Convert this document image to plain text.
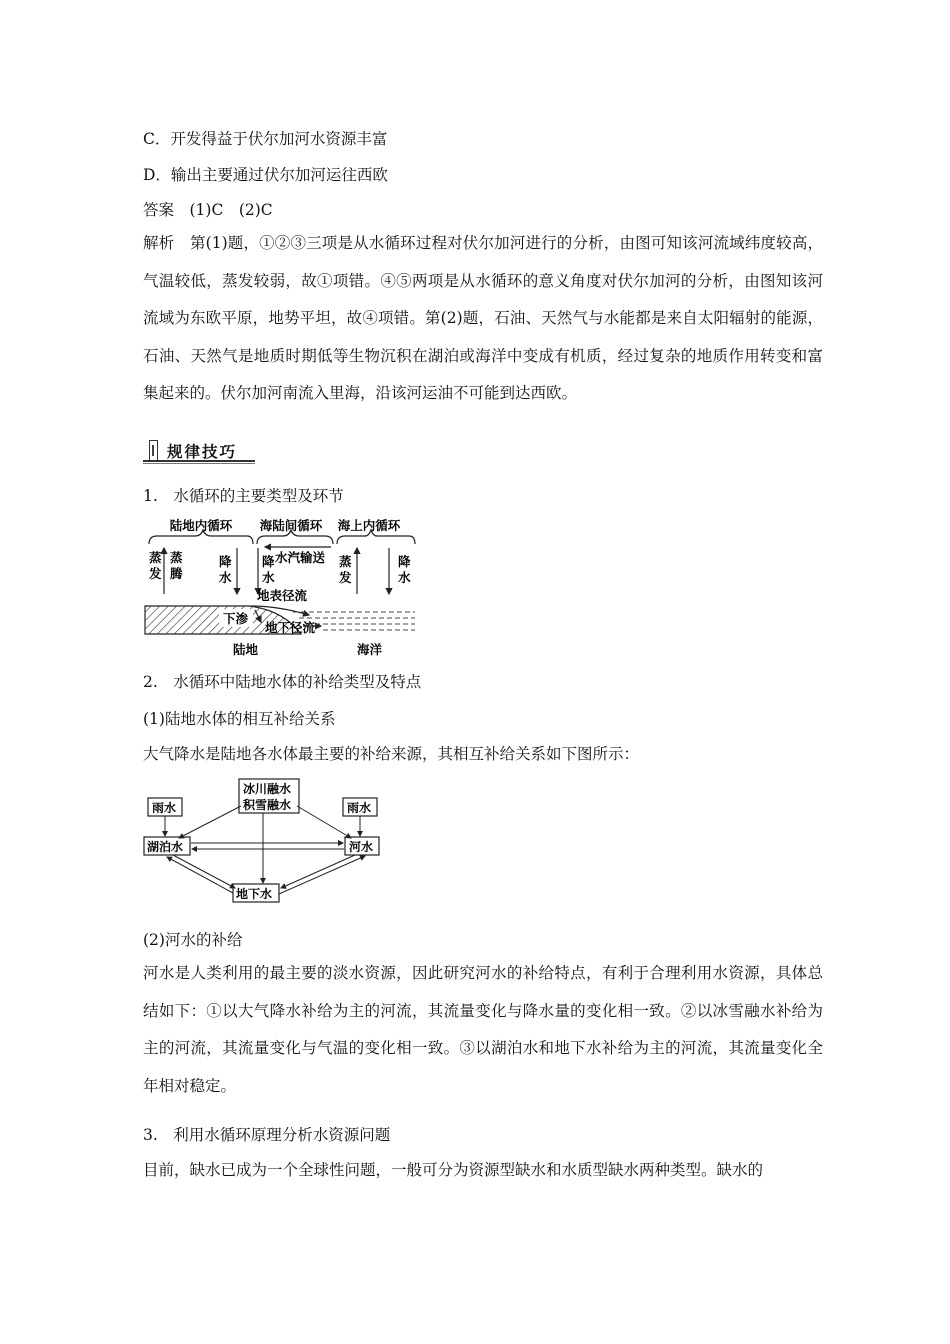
C．开发得益于伏尔加河水资源丰富
D．输出主要通过伏尔加河运往西欧
答案　(1)C　(2)C
解析　第(1)题，①②③三项是从水循环过程对伏尔加河进行的分析，由图可知该河流域纬度较高，气温较低，蒸发较弱，故①项错。④⑤两项是从水循环的意义角度对伏尔加河的分析，由图知该河流域为东欧平原，地势平坦，故④项错。第(2)题，石油、天然气与水能都是来自太阳辐射的能源，石油、天然气是地质时期低等生物沉积在湖泊或海洋中变成有机质，经过复杂的地质作用转变和富集起来的。伏尔加河南流入里海，沿该河运油不可能到达西欧。
规律技巧
1.　水循环的主要类型及环节
陆地内循环 海陆间循环 海上内循环
蒸发
蒸腾
降水
降水
水汽输送 蒸发
降水
地表径流
下渗
地下径流
陆地	海洋
2.　水循环中陆地水体的补给类型及特点
(1)陆地水体的相互补给关系
大气降水是陆地各水体最主要的补给来源，其相互补给关系如下图所示：
雨水
冰川融水
积雪融水	雨水
湖泊水	河水
地下水
(2)河水的补给
河水是人类利用的最主要的淡水资源，因此研究河水的补给特点，有利于合理利用水资源，具体总结如下：①以大气降水补给为主的河流，其流量变化与降水量的变化相一致。②以冰雪融水补给为主的河流，其流量变化与气温的变化相一致。③以湖泊水和地下水补给为主的河流，其流量变化全年相对稳定。
3.　利用水循环原理分析水资源问题
目前，缺水已成为一个全球性问题，一般可分为资源型缺水和水质型缺水两种类型。缺水的
